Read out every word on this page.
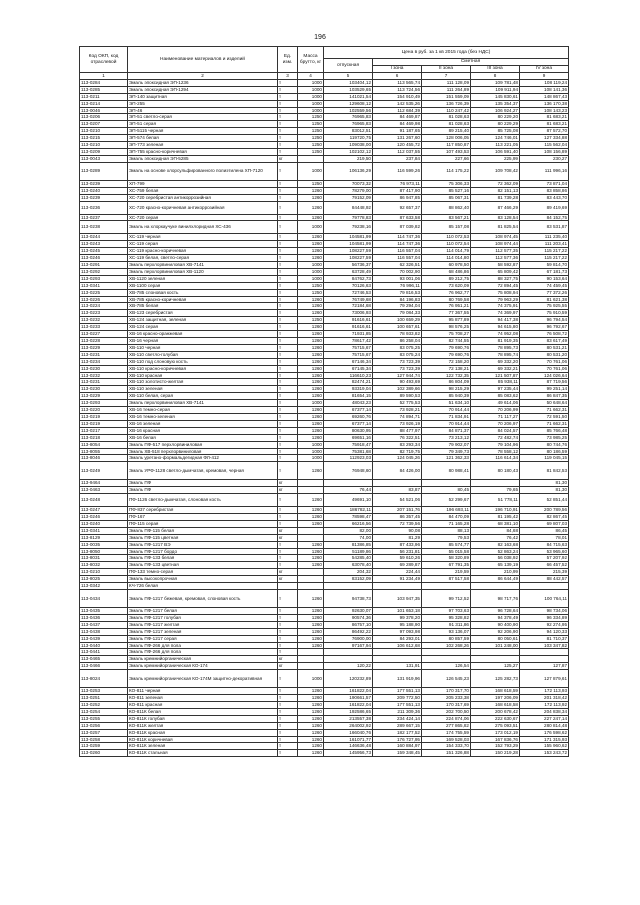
196
Код ОКП, код отраслевой	Наименование материалов и изделий	Ед. изм.	Масса брутто, кг	Цена в руб. за 1 кв 2015 года (без НДС)				
				отпускная	Сметная			
					I зона	II зона	III зона	IV зона
1	2	3	4	5	6	7	8	9
113-0284	Эмаль эпоксидная ЭП-1236	т	1000	103404,12	113 565,74	111 128,09	109 781,48	108 119,24
113-0285	Эмаль эпоксидная ЭП-1294	т	1000	103529,65	113 724,56	111 264,89	109 911,94	108 141,36
113-0211	ЭП-140 защитная	т	1000	141021,54	154 910,49	151 559,09	145 830,61	148 867,43
113-0214	ЭП-255	т	1000	129608,12	142 535,26	136 726,39	135 354,37	136 170,38
113-0046	ЭП-46	т	1000	102559,56	112 684,39	110 247,42	106 924,27	108 143,23
113-0206	ЭП-51 светло-серая	т	1250	76965,83	84 469,87	81 028,63	80 229,20	81 683,21
113-0207	ЭП-51 серая	т	1250	76965,83	84 469,98	81 028,63	80 229,29	81 683,21
113-0210	ЭП-5115 черная	т	1250	83012,51	91 187,65	89 215,40	85 725,08	87 572,70
113-0215	ЭП-574 белая	т	1250	119720,75	131 267,60	128 006,05	124 746,01	127 334,88
113-0210	ЭП-773 зеленая	т	1250	109038,00	120 455,72	117 850,87	113 221,05	115 562,04
113-0209	ЭП-755 красно-коричневая	т	1250	102102,12	112 037,55	107 493,53	106 591,40	108 156,89
113-0043	Эмаль эпоксидная ЭП-5285	кг		219,50	237,84	227,66	225,99	230,27
113-0289	Эмаль на основе хлорсульфированного полиэтилена ХП-7120	т	1000	106136,29	116 599,26	114 175,22	109 708,42	111 996,16
113-0239	ХП-799	т	1250	70073,32	76 973,11	75 306,33	72 362,09	73 871,04
113-0240	ХС-759 белая	т	1260	78279,00	87 417,90	85 527,16	82 151,13	83 858,86
113-0239	ХС-720 серебристая антикоррозийная	т	1260	79152,09	86 947,85	85 067,31	81 739,28	83 443,70
113-0236	ХС-720 красно-коричневая антикоррозийная	т	1260	84448,92	92 657,37	88 862,40	87 466,29	89 419,69
113-0237	ХС-720 серая	т	1260	79778,83	87 633,58	83 567,21	83 128,54	84 152,75
113-0238	Эмаль на хлоркаучуке винилхлоридная ХС-436	т	1000	79238,16	87 039,82	85 157,08	81 825,54	83 531,87
113-0244	ХС-119 черная	т	1260	104581,99	114 747,36	110 072,53	108 974,45	111 235,40
113-0243	ХС-119 серая	т	1260	104581,99	114 747,36	110 072,54	108 974,44	111 203,41
113-0245	ХС-119 красно-коричневая	т	1260	108227,59	116 557,04	114 014,79	112 577,35	115 217,22
113-0246	ХС-119 белая, светло-серая	т	1260	108227,59	116 557,04	114 014,80	112 577,36	115 217,22
113-0291	Эмаль перхлорвиниловая ХВ-7141	т	1000	56736,37	62 326,51	60 978,50	58 592,87	59 814,70
113-0292	Эмаль перхлорвиниловая ХВ-1120	т	1000	63728,49	70 002,90	68 486,86	65 809,42	67 181,73
113-0293	ХВ-1120 зеленая	т	1000	84762,73	93 001,06	89 212,75	88 327,75	90 153,64
113-0341	ХВ-1100 серая	т	1250	70126,63	76 996,11	73 620,09	72 894,45	74 459,45
113-0225	ХВ-785 слоновая кость	т	1250	72746,53	79 816,53	76 962,77	75 808,94	77 372,26
113-0226	ХВ-785 красно-коричневая	т	1260	76749,68	84 196,83	80 769,58	79 963,29	81 621,38
113-0224	ХВ-785 белая	т	1260	72184,68	79 294,04	76 951,21	74 375,91	75 925,55
113-0223	ХВ-123 серебристая	т	1260	73006,93	79 084,33	77 367,55	74 369,97	75 910,59
113-0232	ХВ-124 защитная, зеленая	т	1250	91616,61	100 659,29	95 877,89	94 417,38	96 794,54
113-0233	ХВ-124 серая	т	1260	91616,61	100 657,61	98 576,25	94 615,80	96 792,67
113-0227	ХВ-16 красно-оранжевая	т	1260	71931,85	78 933,82	75 708,27	74 952,08	76 508,72
113-0228	ХВ-16 черная	т	1260	78617,42	86 258,04	82 744,55	81 919,35	83 617,49
113-0229	ХВ-110 черная	т	1260	75715,67	83 075,25	79 690,76	78 895,73	80 531,21
113-0231	ХВ-110 светло-голубая	т	1260	75715,67	83 075,24	79 690,76	78 895,74	80 531,20
113-0234	ХВ-110 под слоновую кость	т	1260	67146,34	73 723,39	72 158,20	69 332,20	70 761,06
113-0230	ХВ-110 красно-коричневая	т	1260	67145,34	73 723,39	72 138,21	69 332,21	70 761,06
113-0232	ХВ-110 красная	т	1260	116610,23	127 944,74	122 732,35	121 507,87	124 026,64
113-0231	ХВ-110 золотисто-желтая	т	1260	82474,21	90 493,69	86 804,09	85 938,11	87 719,56
113-0230	ХВ-110 зеленая	т	1260	93319,04	102 389,66	98 215,29	97 235,44	99 251,14
113-0229	ХВ-110 белая, серая	т	1260	81654,15	89 590,53	85 940,39	85 083,62	86 847,35
113-0293	Эмаль перхлорвиниловая ХВ-7141	т	1000	48043,23	52 775,53	51 634,10	49 614,06	50 648,64
113-0220	ХВ-16 темно-серая	т	1260	67377,14	73 928,21	70 914,44	70 206,99	71 662,31
113-0219	ХВ-16 темно-зеленая	т	1260	69260,76	74 894,71	71 834,91	71 117,27	72 591,50
113-0219	ХВ-16 зеленая	т	1260	67377,14	73 926,19	70 914,44	70 206,97	71 662,31
113-0217	ХВ-16 красная	т	1260	80630,95	88 477,97	84 871,37	84 024,57	85 766,48
113-0218	ХВ-16 белая	т	1260	69651,16	76 322,51	73 213,12	72 482,74	73 985,25
113-8054	Эмаль ПФ-517 перхлорвиниловая	т	1000	75918,47	83 293,34	79 902,07	79 104,96	80 744,76
113-8055	Эмаль ХВ-518 перхлорвиниловая	т	1000	75381,68	82 719,75	79 349,73	78 558,12	80 186,59
113-8046	Эмаль уретано-формальдегидная ФЛ-412	т	1000	112923,03	124 045,26	121 362,33	116 614,34	119 045,15
113-0249	Эмаль УРФ-1128 светло-дымчатая, кремовая, черная	т	1260	76948,60	84 426,00	80 988,41	80 180,43	81 842,53
113-9464	Эмаль ПФ	кг						81,30
113-0463	Эмаль ПФ	кг		76,44	83,87	80,45	79,65	81,30
113-0248	ПФ-1126 светло-дымчатая, слоновая кость	т	1260	49691,10	54 521,06	52 299,67	51 778,11	52 851,44
113-0247	ПФ-837 серебристая	т	1260	186782,11	207 151,76	196 693,11	196 710,91	200 789,56
113-0246	ПФ-167	т	1260	78598,47	86 357,45	84 470,09	81 195,42	82 867,45
113-0240	ПФ-115 серая	т	1260	66216,56	72 739,56	71 165,28	68 381,10	69 807,03
113-0341	Эмаль ПФ-115 белая	кг		82,00	90,08	88,13	84,68	86,45
113-8129	Эмаль ПФ-115 цветная	кг		74,00	81,29	79,53	76,42	78,01
113-0035	Эмаль ПФ-1217 ВЭ	т	1260	81386,85	87 433,96	85 574,77	82 163,68	84 715,63
113-8050	Эмаль ПФ-1217 бордо	т	1260	51189,86	56 231,81	55 015,58	52 863,24	53 965,60
113-8031	Эмаль ПФ-133 белая	т	1260	54285,40	59 610,26	58 320,89	56 038,92	57 207,92
113-8032	Эмаль ПФ-133 цветная	т	1260	63078,40	69 289,87	67 791,35	65 139,19	66 457,52
113-0210	ПФ-133 темно-серая	кг		204,32	224,44	219,59	210,99	215,39
113-8025	Эмаль высокопрочная	кг		83152,09	91 234,49	87 517,58	86 644,49	88 442,57
113-0342	КЧ-726 белая							
113-0434	Эмаль ПФ-1217 бежевая, кремовая, слоновая кость	т	1260	94738,73	103 947,35	99 712,52	98 717,76	100 764,11
113-0435	Эмаль ПФ-1217 белая	т	1260	92630,07	101 653,18	97 703,63	96 728,64	98 734,06
113-0436	Эмаль ПФ-1217 голубая	т	1260	90574,36	99 378,20	95 328,82	94 378,49	96 334,89
113-0437	Эмаль ПФ-1217 желтая	т	1260	86757,10	95 188,90	91 311,86	90 400,90	92 274,95
113-0438	Эмаль ПФ-1217 зеленая	т	1260	86492,22	97 093,98	93 136,07	92 206,90	94 120,33
113-0439	Эмаль ПФ-1217 серая	т	1260	76900,00	84 293,01	80 857,59	80 050,61	81 710,37
113-0440	Эмаль ПФ-266 для пола	т	1260	97167,94	106 612,68	102 268,26	101 248,00	103 347,82
113-0441	Эмаль ПФ-266 для пола	т						
113-0465	Эмаль кремнийорганическая	кг						
113-0466	Эмаль кремнийорганическая КО-174	кг		120,22	131,91	126,54	125,27	127,87
113-8024	Эмаль кремнийорганическая КО-174М защитно-декоративная	т	1000	120232,89	131 919,96	126 545,23	125 282,73	127 879,61
113-0253	КО-811 черная	т	1260	161822,04	177 551,13	170 317,70	168 618,59	172 113,93
113-0251	КО-811 зеленая	т	1260	190661,57	209 772,50	205 233,38	197 206,09	201 318,42
113-0252	КО-811 красная	т	1260	161822,04	177 551,13	170 317,69	168 618,58	172 113,92
113-0254	КО-811К белая	т	1260	192586,65	211 309,36	202 700,50	200 678,42	204 838,34
113-0255	КО-811К голубая	т	1260	213557,38	234 424,14	224 874,06	222 630,67	227 247,14
113-0256	КО-811К желтая	т	1260	264002,92	289 667,15	277 865,82	275 093,51	280 814,48
113-0257	КО-811К красная	т	1260	166040,76	182 177,52	174 755,59	173 012,19	176 598,62
113-0258	КО-811К коричневая	т	1260	161071,77	176 727,95	169 528,03	167 836,76	171 315,93
113-0259	КО-811К зеленая	т	1260	146636,48	160 884,97	154 333,70	152 793,29	155 960,62
113-0260	КО-811К стальная	т	1260	145956,73	159 348,45	151 326,88	150 219,28	153 243,72
